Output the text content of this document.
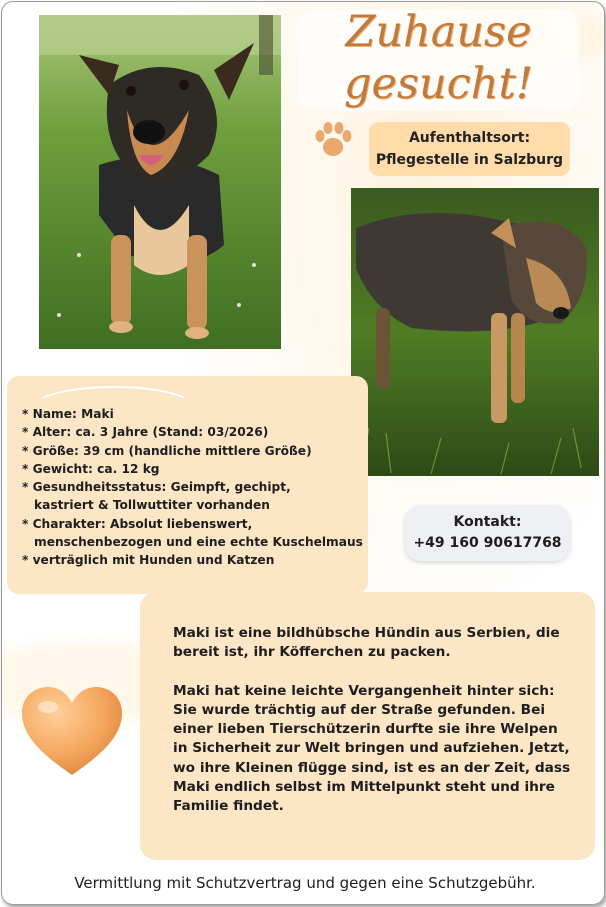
Zuhause
gesucht!
Aufenthaltsort:
Pflegestelle in Salzburg
* Name: Maki
* Alter: ca. 3 Jahre (Stand: 03/2026)
* Größe: 39 cm (handliche mittlere Größe)
* Gewicht: ca. 12 kg
* Gesundheitsstatus: Geimpft, gechipt,
kastriert & Tollwuttiter vorhanden
* Charakter: Absolut liebenswert,
menschenbezogen und eine echte Kuschelmaus
* verträglich mit Hunden und Katzen
Kontakt:
+49 160 90617768

Maki ist eine bildhübsche Hündin aus Serbien, die
bereit ist, ihr Köfferchen zu packen.

Maki hat keine leichte Vergangenheit hinter sich:
Sie wurde trächtig auf der Straße gefunden. Bei
einer lieben Tierschützerin durfte sie ihre Welpen
in Sicherheit zur Welt bringen und aufziehen. Jetzt,
wo ihre Kleinen flügge sind, ist es an der Zeit, dass
Maki endlich selbst im Mittelpunkt steht und ihre
Familie findet.

Vermittlung mit Schutzvertrag und gegen eine Schutzgebühr.
